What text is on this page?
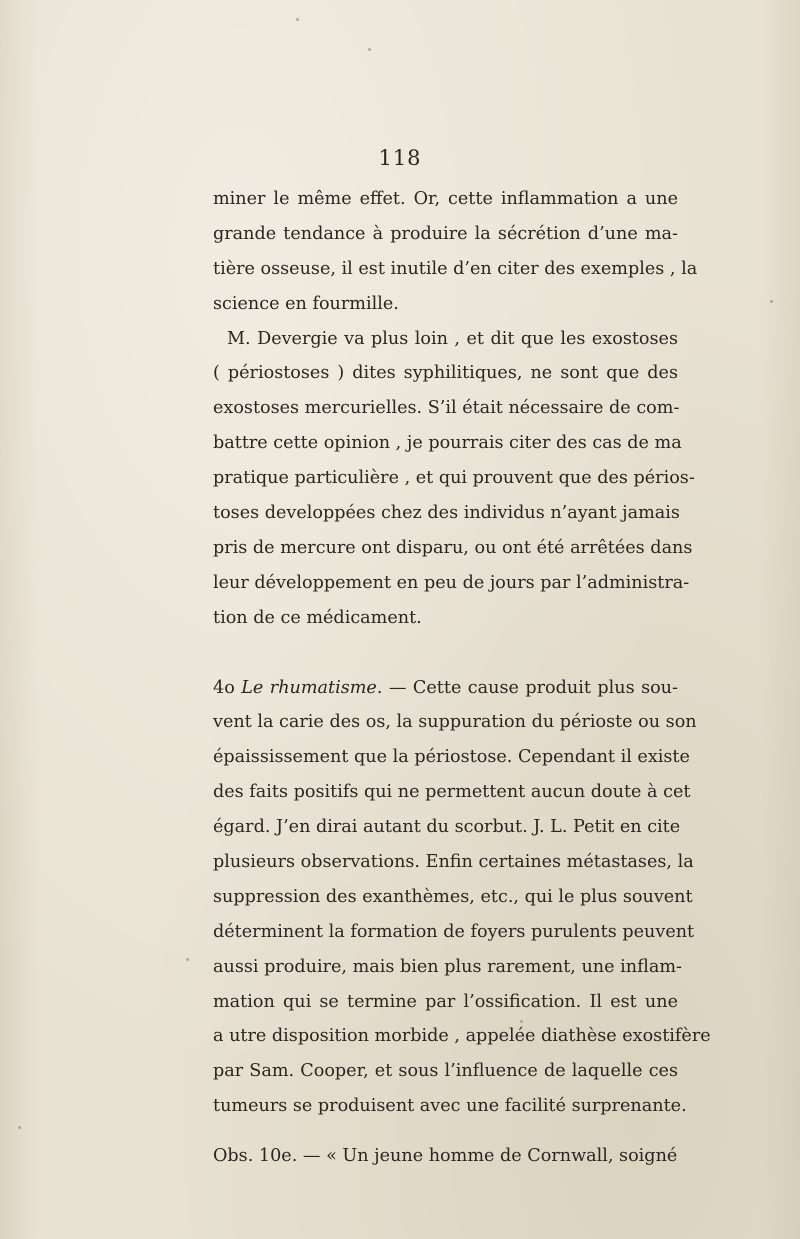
118
miner le même effet. Or, cette inflammation a une
grande tendance à produire la sécrétion d’une ma-
tière osseuse, il est inutile d’en citer des exemples , la
science en fourmille.
M. Devergie va plus loin , et dit que les exostoses
( périostoses ) dites syphilitiques, ne sont que des
exostoses mercurielles. S’il était nécessaire de com-
battre cette opinion , je pourrais citer des cas de ma
pratique particulière , et qui prouvent que des périos-
toses developpées chez des individus n’ayant jamais
pris de mercure ont disparu, ou ont été arrêtées dans
leur développement en peu de jours par l’administra-
tion de ce médicament.
4o Le rhumatisme. — Cette cause produit plus sou-
vent la carie des os, la suppuration du périoste ou son
épaississement que la périostose. Cependant il existe
des faits positifs qui ne permettent aucun doute à cet
égard. J’en dirai autant du scorbut. J. L. Petit en cite
plusieurs observations. Enfin certaines métastases, la
suppression des exanthèmes, etc., qui le plus souvent
déterminent la formation de foyers purulents peuvent
aussi produire, mais bien plus rarement, une inflam-
mation qui se termine par l’ossification. Il est une
a utre disposition morbide , appelée diathèse exostifère
par Sam. Cooper, et sous l’influence de laquelle ces
tumeurs se produisent avec une facilité surprenante.
Obs. 10e. — « Un jeune homme de Cornwall, soigné
